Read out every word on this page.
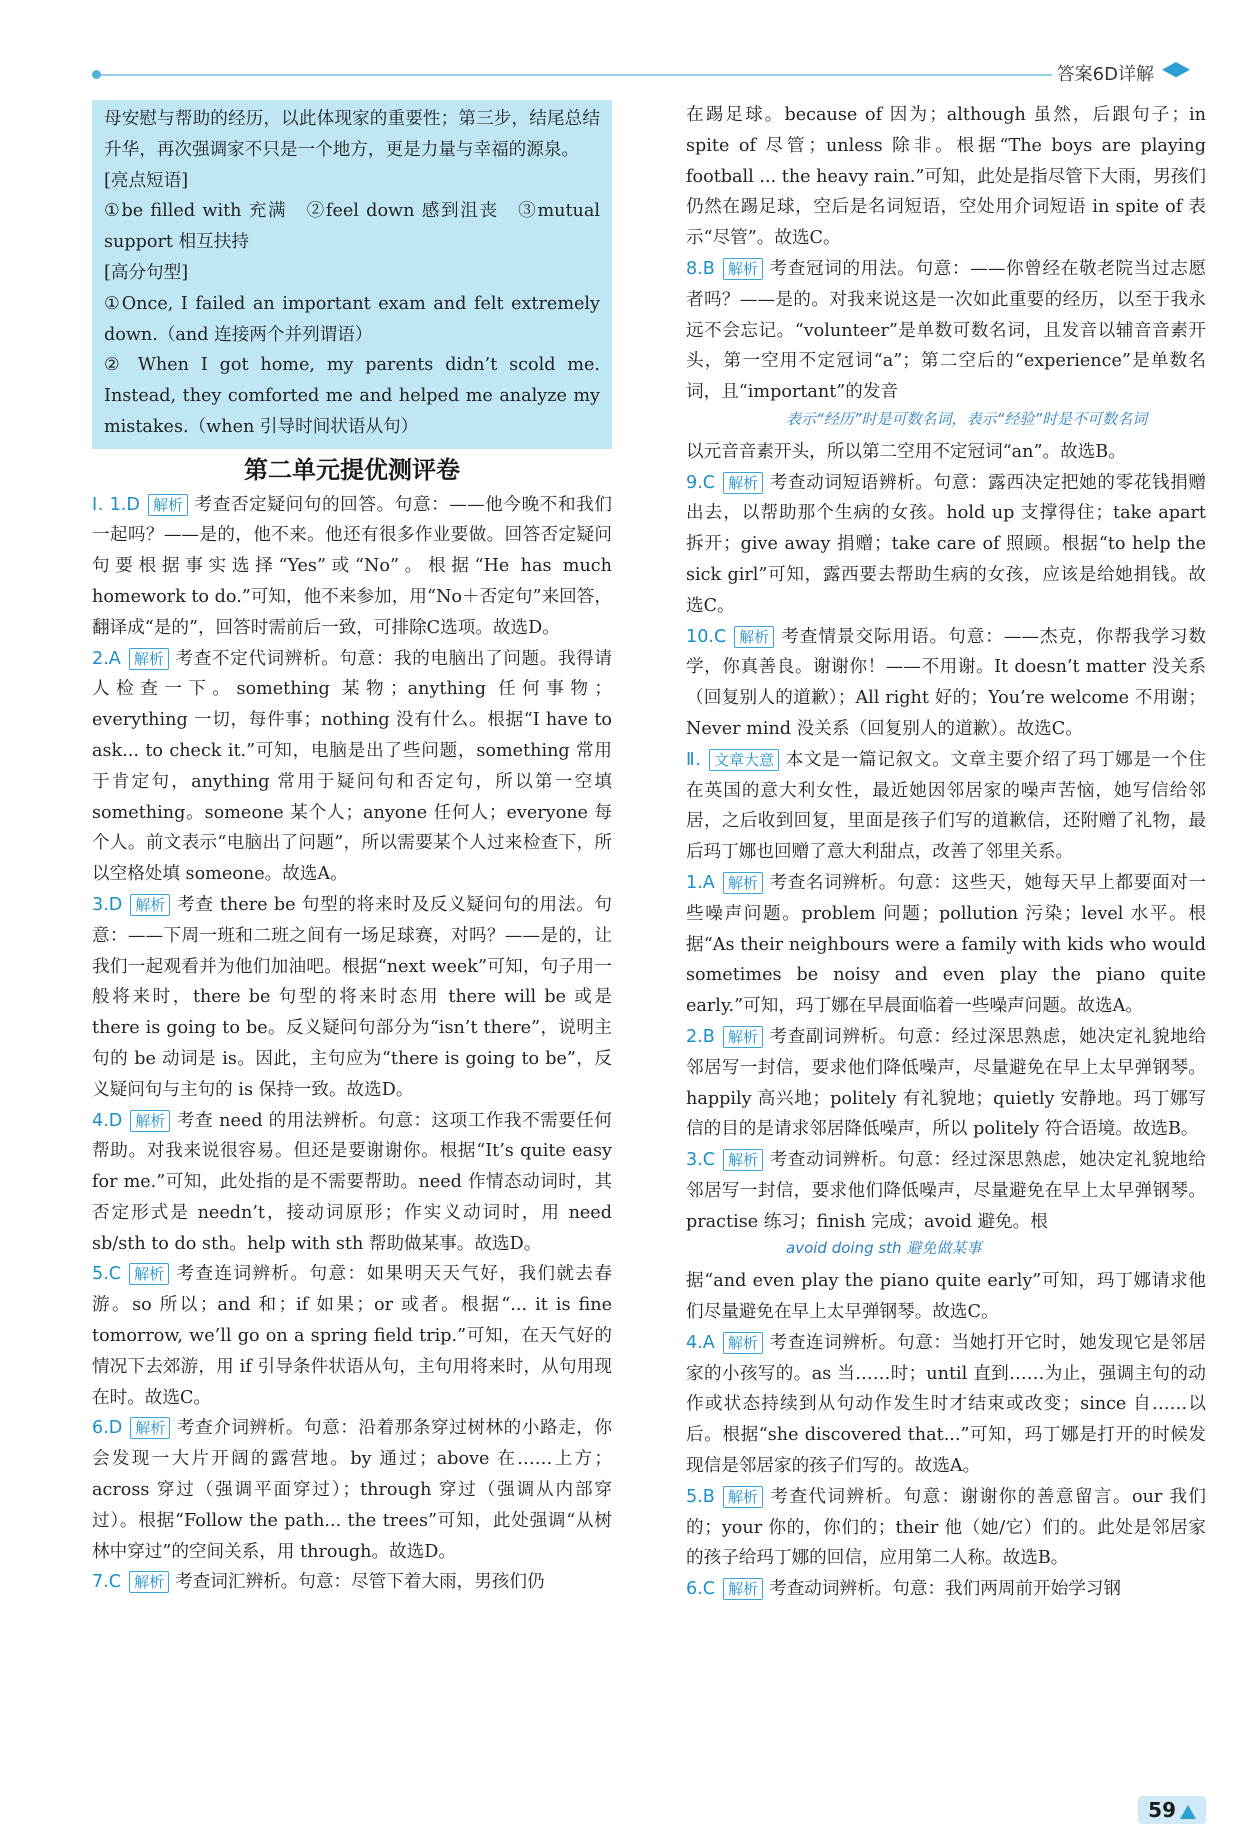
答案6D详解

母安慰与帮助的经历，以此体现家的重要性；第三步，结尾总结升华，再次强调家不只是一个地方，更是力量与幸福的源泉。

[亮点短语]

①be filled with 充满　②feel down 感到沮丧　③mutual support 相互扶持

[高分句型]

①Once, I failed an important exam and felt extremely down.（and 连接两个并列谓语）

② When I got home, my parents didn’t scold me. Instead, they comforted me and helped me analyze my mistakes.（when 引导时间状语从句）

第二单元提优测评卷

Ⅰ. 1.D 解析 考查否定疑问句的回答。句意：——他今晚不和我们一起吗？——是的，他不来。他还有很多作业要做。回答否定疑问句要根据事实选择“Yes”或“No”。根据“He has much homework to do.”可知，他不来参加，用“No＋否定句”来回答，翻译成“是的”，回答时需前后一致，可排除C选项。故选D。

2.A 解析 考查不定代词辨析。句意：我的电脑出了问题。我得请人检查一下。something 某物；anything 任何事物；everything 一切，每件事；nothing 没有什么。根据“I have to ask... to check it.”可知，电脑是出了些问题，something 常用于肯定句，anything 常用于疑问句和否定句，所以第一空填 something。someone 某个人；anyone 任何人；everyone 每个人。前文表示“电脑出了问题”，所以需要某个人过来检查下，所以空格处填 someone。故选A。

3.D 解析 考查 there be 句型的将来时及反义疑问句的用法。句意：——下周一班和二班之间有一场足球赛，对吗？——是的，让我们一起观看并为他们加油吧。根据“next week”可知，句子用一般将来时，there be 句型的将来时态用 there will be 或是 there is going to be。反义疑问句部分为“isn’t there”，说明主句的 be 动词是 is。因此，主句应为“there is going to be”，反义疑问句与主句的 is 保持一致。故选D。

4.D 解析 考查 need 的用法辨析。句意：这项工作我不需要任何帮助。对我来说很容易。但还是要谢谢你。根据“It’s quite easy for me.”可知，此处指的是不需要帮助。need 作情态动词时，其否定形式是 needn’t，接动词原形；作实义动词时，用 need sb/sth to do sth。help with sth 帮助做某事。故选D。

5.C 解析 考查连词辨析。句意：如果明天天气好，我们就去春游。so 所以；and 和；if 如果；or 或者。根据“... it is fine tomorrow, we’ll go on a spring field trip.”可知，在天气好的情况下去郊游，用 if 引导条件状语从句，主句用将来时，从句用现在时。故选C。

6.D 解析 考查介词辨析。句意：沿着那条穿过树林的小路走，你会发现一大片开阔的露营地。by 通过；above 在……上方；across 穿过（强调平面穿过）；through 穿过（强调从内部穿过）。根据“Follow the path... the trees”可知，此处强调“从树林中穿过”的空间关系，用 through。故选D。

7.C 解析 考查词汇辨析。句意：尽管下着大雨，男孩们仍

在踢足球。because of 因为；although 虽然，后跟句子；in spite of 尽管；unless 除非。根据“The boys are playing football ... the heavy rain.”可知，此处是指尽管下大雨，男孩们仍然在踢足球，空后是名词短语，空处用介词短语 in spite of 表示“尽管”。故选C。

8.B 解析 考查冠词的用法。句意：——你曾经在敬老院当过志愿者吗？——是的。对我来说这是一次如此重要的经历，以至于我永远不会忘记。“volunteer”是单数可数名词，且发音以辅音音素开头，第一空用不定冠词“a”；第二空后的“experience”是单数名词，且“important”的发音

表示“经历”时是可数名词，表示“经验”时是不可数名词

以元音音素开头，所以第二空用不定冠词“an”。故选B。

9.C 解析 考查动词短语辨析。句意：露西决定把她的零花钱捐赠出去，以帮助那个生病的女孩。hold up 支撑得住；take apart 拆开；give away 捐赠；take care of 照顾。根据“to help the sick girl”可知，露西要去帮助生病的女孩，应该是给她捐钱。故选C。

10.C 解析 考查情景交际用语。句意：——杰克，你帮我学习数学，你真善良。谢谢你！——不用谢。It doesn’t matter 没关系（回复别人的道歉）；All right 好的；You’re welcome 不用谢；Never mind 没关系（回复别人的道歉）。故选C。

Ⅱ. 文章大意 本文是一篇记叙文。文章主要介绍了玛丁娜是一个住在英国的意大利女性，最近她因邻居家的噪声苦恼，她写信给邻居，之后收到回复，里面是孩子们写的道歉信，还附赠了礼物，最后玛丁娜也回赠了意大利甜点，改善了邻里关系。

1.A 解析 考查名词辨析。句意：这些天，她每天早上都要面对一些噪声问题。problem 问题；pollution 污染；level 水平。根据“As their neighbours were a family with kids who would sometimes be noisy and even play the piano quite early.”可知，玛丁娜在早晨面临着一些噪声问题。故选A。

2.B 解析 考查副词辨析。句意：经过深思熟虑，她决定礼貌地给邻居写一封信，要求他们降低噪声，尽量避免在早上太早弹钢琴。happily 高兴地；politely 有礼貌地；quietly 安静地。玛丁娜写信的目的是请求邻居降低噪声，所以 politely 符合语境。故选B。

3.C 解析 考查动词辨析。句意：经过深思熟虑，她决定礼貌地给邻居写一封信，要求他们降低噪声，尽量避免在早上太早弹钢琴。practise 练习；finish 完成；avoid 避免。根

avoid doing sth 避免做某事

据“and even play the piano quite early”可知，玛丁娜请求他们尽量避免在早上太早弹钢琴。故选C。

4.A 解析 考查连词辨析。句意：当她打开它时，她发现它是邻居家的小孩写的。as 当……时；until 直到……为止，强调主句的动作或状态持续到从句动作发生时才结束或改变；since 自……以后。根据“she discovered that...”可知，玛丁娜是打开的时候发现信是邻居家的孩子们写的。故选A。

5.B 解析 考查代词辨析。句意：谢谢你的善意留言。our 我们的；your 你的，你们的；their 他（她/它）们的。此处是邻居家的孩子给玛丁娜的回信，应用第二人称。故选B。

6.C 解析 考查动词辨析。句意：我们两周前开始学习钢

59
